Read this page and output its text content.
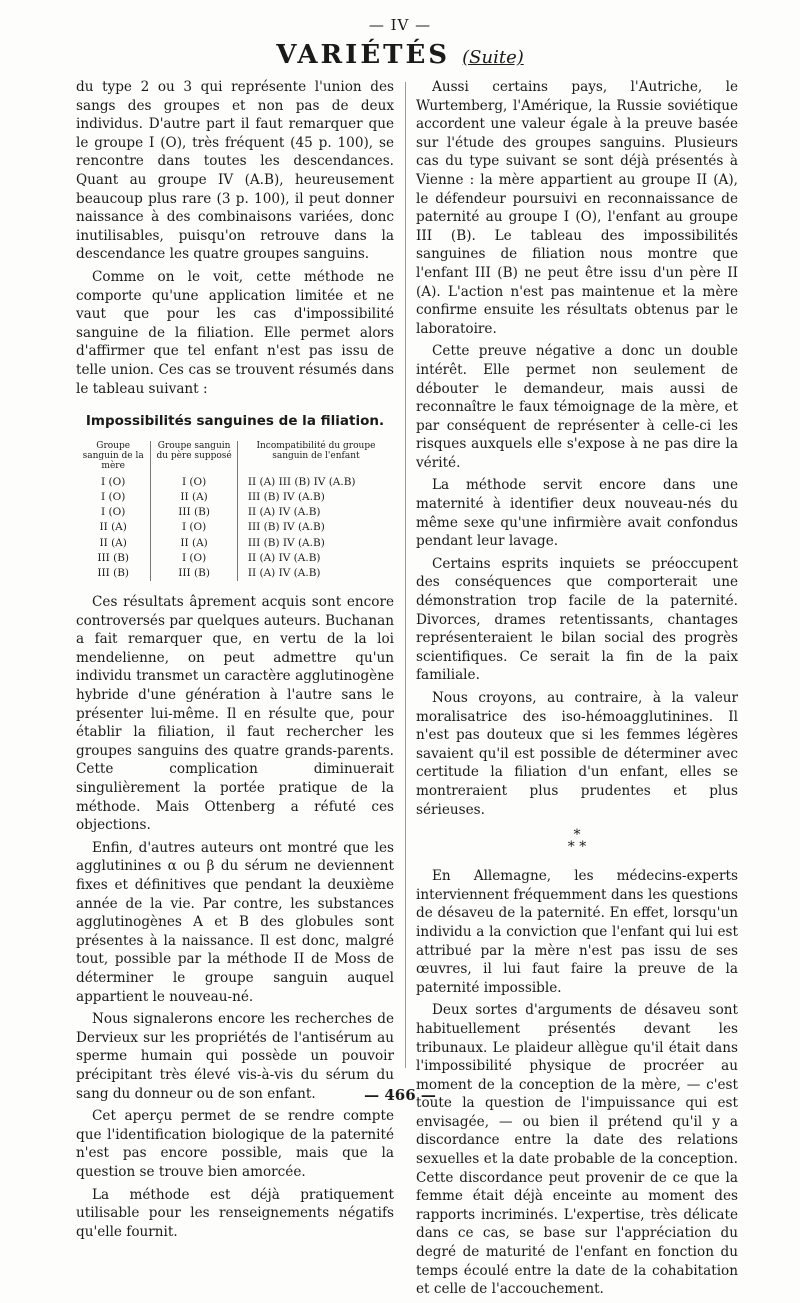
— IV —
VARIÉTÉS (Suite)

du type 2 ou 3 qui représente l'union des sangs des groupes et non pas de deux individus. D'autre part il faut remarquer que le groupe I (O), très fréquent (45 p. 100), se rencontre dans toutes les descendances. Quant au groupe IV (A.B), heureusement beaucoup plus rare (3 p. 100), il peut donner naissance à des combinaisons variées, donc inutilisables, puisqu'on retrouve dans la descendance les quatre groupes sanguins.

Comme on le voit, cette méthode ne comporte qu'une application limitée et ne vaut que pour les cas d'impossibilité sanguine de la filiation. Elle permet alors d'affirmer que tel enfant n'est pas issu de telle union. Ces cas se trouvent résumés dans le tableau suivant :

Impossibilités sanguines de la filiation.
Groupe sanguin de la mère	Groupe sanguin du père supposé	Incompatibilité du groupe sanguin de l'enfant
I (O)	I (O)	II (A) III (B) IV (A.B)
I (O)	II (A)	III (B) IV (A.B)
I (O)	III (B)	II (A) IV (A.B)
II (A)	I (O)	III (B) IV (A.B)
II (A)	II (A)	III (B) IV (A.B)
III (B)	I (O)	II (A) IV (A.B)
III (B)	III (B)	II (A) IV (A.B)

Ces résultats âprement acquis sont encore controversés par quelques auteurs. Buchanan a fait remarquer que, en vertu de la loi mendelienne, on peut admettre qu'un individu transmet un caractère agglutinogène hybride d'une génération à l'autre sans le présenter lui-même. Il en résulte que, pour établir la filiation, il faut rechercher les groupes sanguins des quatre grands-parents. Cette complication diminuerait singulièrement la portée pratique de la méthode. Mais Ottenberg a réfuté ces objections.

Enfin, d'autres auteurs ont montré que les agglutinines α ou β du sérum ne deviennent fixes et définitives que pendant la deuxième année de la vie. Par contre, les substances agglutinogènes A et B des globules sont présentes à la naissance. Il est donc, malgré tout, possible par la méthode II de Moss de déterminer le groupe sanguin auquel appartient le nouveau-né.

Nous signalerons encore les recherches de Dervieux sur les propriétés de l'antisérum au sperme humain qui possède un pouvoir précipitant très élevé vis-à-vis du sérum du sang du donneur ou de son enfant.

Cet aperçu permet de se rendre compte que l'identification biologique de la paternité n'est pas encore possible, mais que la question se trouve bien amorcée.

La méthode est déjà pratiquement utilisable pour les renseignements négatifs qu'elle fournit.

Aussi certains pays, l'Autriche, le Wurtemberg, l'Amérique, la Russie soviétique accordent une valeur égale à la preuve basée sur l'étude des groupes sanguins. Plusieurs cas du type suivant se sont déjà présentés à Vienne : la mère appartient au groupe II (A), le défendeur poursuivi en reconnaissance de paternité au groupe I (O), l'enfant au groupe III (B). Le tableau des impossibilités sanguines de filiation nous montre que l'enfant III (B) ne peut être issu d'un père II (A). L'action n'est pas maintenue et la mère confirme ensuite les résultats obtenus par le laboratoire.

Cette preuve négative a donc un double intérêt. Elle permet non seulement de débouter le demandeur, mais aussi de reconnaître le faux témoignage de la mère, et par conséquent de représenter à celle-ci les risques auxquels elle s'expose à ne pas dire la vérité.

La méthode servit encore dans une maternité à identifier deux nouveau-nés du même sexe qu'une infirmière avait confondus pendant leur lavage.

Certains esprits inquiets se préoccupent des conséquences que comporterait une démonstration trop facile de la paternité. Divorces, drames retentissants, chantages représenteraient le bilan social des progrès scientifiques. Ce serait la fin de la paix familiale.

Nous croyons, au contraire, à la valeur moralisatrice des iso-hémoagglutinines. Il n'est pas douteux que si les femmes légères savaient qu'il est possible de déterminer avec certitude la filiation d'un enfant, elles se montreraient plus prudentes et plus sérieuses.

*
* *

En Allemagne, les médecins-experts interviennent fréquemment dans les questions de désaveu de la paternité. En effet, lorsqu'un individu a la conviction que l'enfant qui lui est attribué par la mère n'est pas issu de ses œuvres, il lui faut faire la preuve de la paternité impossible.

Deux sortes d'arguments de désaveu sont habituellement présentés devant les tribunaux. Le plaideur allègue qu'il était dans l'impossibilité physique de procréer au moment de la conception de la mère, — c'est toute la question de l'impuissance qui est envisagée, — ou bien il prétend qu'il y a discordance entre la date des relations sexuelles et la date probable de la conception. Cette discordance peut provenir de ce que la femme était déjà enceinte au moment des rapports incriminés. L'expertise, très délicate dans ce cas, se base sur l'appréciation du degré de maturité de l'enfant en fonction du temps écoulé entre la date de la cohabitation et celle de l'accouchement.

— 466 —
